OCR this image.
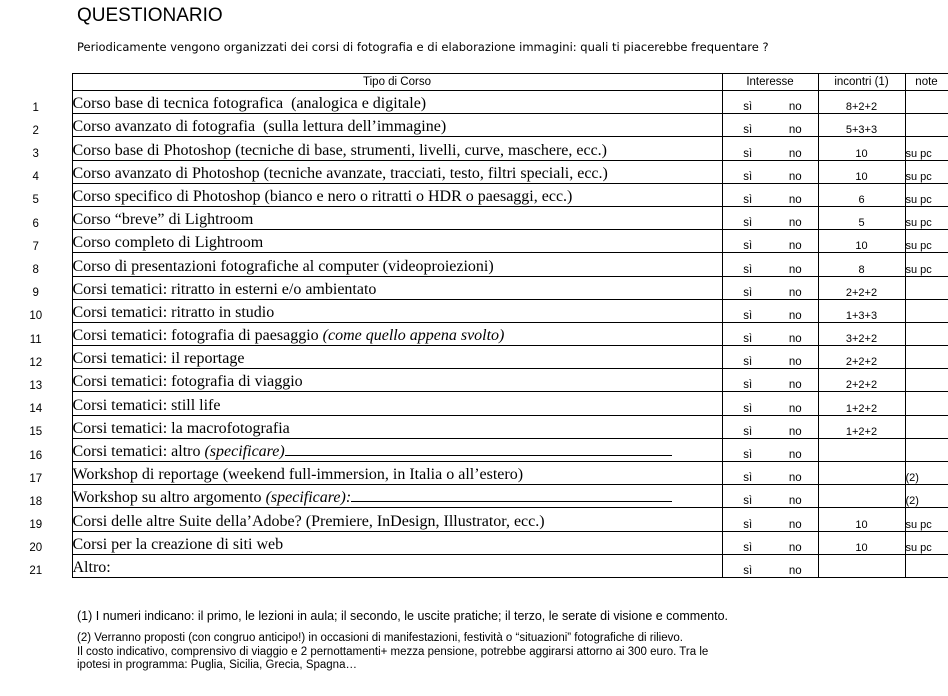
QUESTIONARIO
Periodicamente vengono organizzati dei corsi di fotografia e di elaborazione immagini: quali ti piacerebbe frequentare ?
	Tipo di Corso	Interesse		incontri (1)	note
1	Corso base di tecnica fotografica  (analogica e digitale)	sì	no	8+2+2	
2	Corso avanzato di fotografia  (sulla lettura dell’immagine)	sì	no	5+3+3	
3	Corso base di Photoshop (tecniche di base, strumenti, livelli, curve, maschere, ecc.)	sì	no	10	su pc
4	Corso avanzato di Photoshop (tecniche avanzate, tracciati, testo, filtri speciali, ecc.)	sì	no	10	su pc
5	Corso specifico di Photoshop (bianco e nero o ritratti o HDR o paesaggi, ecc.)	sì	no	6	su pc
6	Corso “breve” di Lightroom	sì	no	5	su pc
7	Corso completo di Lightroom	sì	no	10	su pc
8	Corso di presentazioni fotografiche al computer (videoproiezioni)	sì	no	8	su pc
9	Corsi tematici: ritratto in esterni e/o ambientato	sì	no	2+2+2	
10	Corsi tematici: ritratto in studio	sì	no	1+3+3	
11	Corsi tematici: fotografia di paesaggio (come quello appena svolto)	sì	no	3+2+2	
12	Corsi tematici: il reportage	sì	no	2+2+2	
13	Corsi tematici: fotografia di viaggio	sì	no	2+2+2	
14	Corsi tematici: still life	sì	no	1+2+2	
15	Corsi tematici: la macrofotografia	sì	no	1+2+2	
16	Corsi tematici: altro (specificare)	sì	no		
17	Workshop di reportage (weekend full-immersion, in Italia o all’estero)	sì	no		(2)
18	Workshop su altro argomento (specificare):	sì	no		(2)
19	Corsi delle altre Suite della’Adobe? (Premiere, InDesign, Illustrator, ecc.)	sì	no	10	su pc
20	Corsi per la creazione di siti web	sì	no	10	su pc
21	Altro:	sì	no		
(1) I numeri indicano: il primo, le lezioni in aula; il secondo, le uscite pratiche; il terzo, le serate di visione e commento.
(2) Verranno proposti (con congruo anticipo!) in occasioni di manifestazioni, festività o “situazioni” fotografiche di rilievo.
Il costo indicativo, comprensivo di viaggio e 2 pernottamenti+ mezza pensione, potrebbe aggirarsi attorno ai 300 euro. Tra le
ipotesi in programma: Puglia, Sicilia, Grecia, Spagna…
